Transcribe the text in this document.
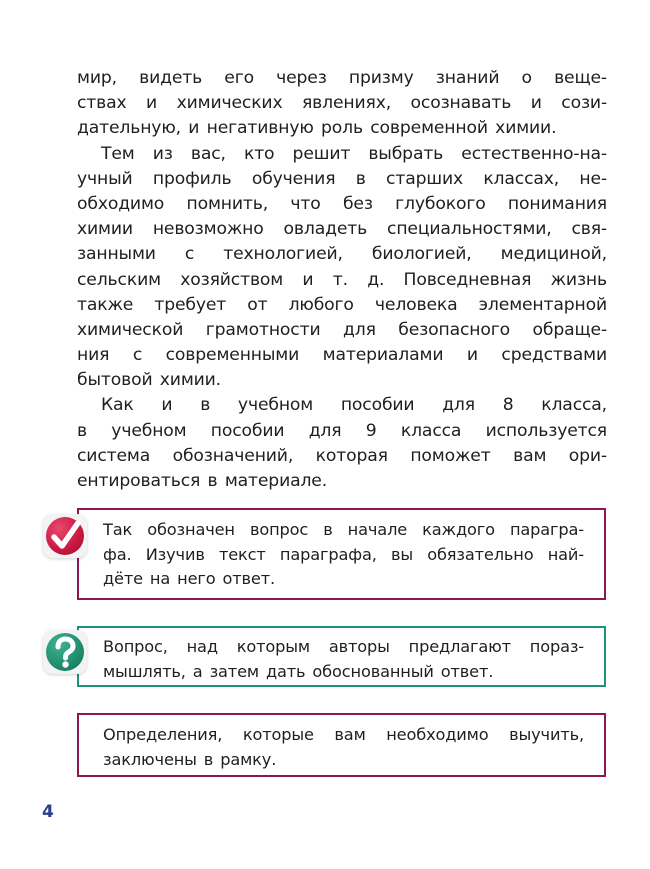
мир, видеть его через призму знаний о веще-
ствах и химических явлениях, осознавать и сози-
дательную, и негативную роль современной химии.
Тем из вас, кто решит выбрать естественно-на-
учный профиль обучения в старших классах, не-
обходимо помнить, что без глубокого понимания
химии невозможно овладеть специальностями, свя-
занными с технологией, биологией, медициной,
сельским хозяйством и т. д. Повседневная жизнь
также требует от любого человека элементарной
химической грамотности для безопасного обраще-
ния с современными материалами и средствами
бытовой химии.
Как и в учебном пособии для 8 класса,
в учебном пособии для 9 класса используется
система обозначений, которая поможет вам ори-
ентироваться в материале.
Так обозначен вопрос в начале каждого парагра-
фа. Изучив текст параграфа, вы обязательно най-
дёте на него ответ.
Вопрос, над которым авторы предлагают пораз-
мышлять, а затем дать обоснованный ответ.
Определения, которые вам необходимо выучить,
заключены в рамку.
4
